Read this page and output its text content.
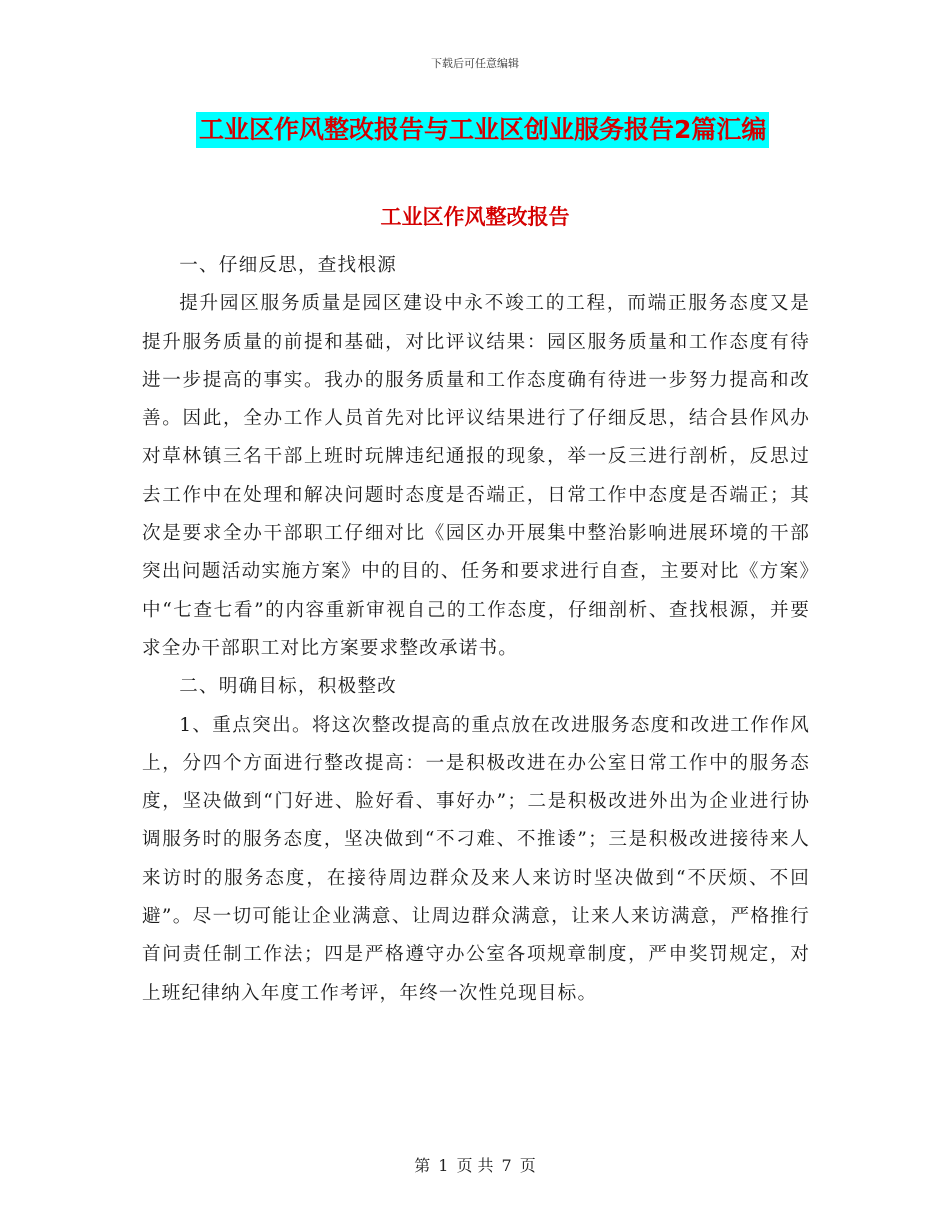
下载后可任意编辑
工业区作风整改报告与工业区创业服务报告2篇汇编
工业区作风整改报告

一、仔细反思，查找根源

提升园区服务质量是园区建设中永不竣工的工程，而端正服务态度又是提升服务质量的前提和基础，对比评议结果：园区服务质量和工作态度有待进一步提高的事实。我办的服务质量和工作态度确有待进一步努力提高和改善。因此，全办工作人员首先对比评议结果进行了仔细反思，结合县作风办对草林镇三名干部上班时玩牌违纪通报的现象，举一反三进行剖析，反思过去工作中在处理和解决问题时态度是否端正，日常工作中态度是否端正；其次是要求全办干部职工仔细对比《园区办开展集中整治影响进展环境的干部突出问题活动实施方案》中的目的、任务和要求进行自查，主要对比《方案》中“七查七看”的内容重新审视自己的工作态度，仔细剖析、查找根源，并要求全办干部职工对比方案要求整改承诺书。

二、明确目标，积极整改

1、重点突出。将这次整改提高的重点放在改进服务态度和改进工作作风上，分四个方面进行整改提高：一是积极改进在办公室日常工作中的服务态度，坚决做到“门好进、脸好看、事好办”；二是积极改进外出为企业进行协调服务时的服务态度，坚决做到“不刁难、不推诿”；三是积极改进接待来人来访时的服务态度，在接待周边群众及来人来访时坚决做到“不厌烦、不回避”。尽一切可能让企业满意、让周边群众满意，让来人来访满意，严格推行首问责任制工作法；四是严格遵守办公室各项规章制度，严申奖罚规定，对上班纪律纳入年度工作考评，年终一次性兑现目标。

第 1 页 共 7 页
